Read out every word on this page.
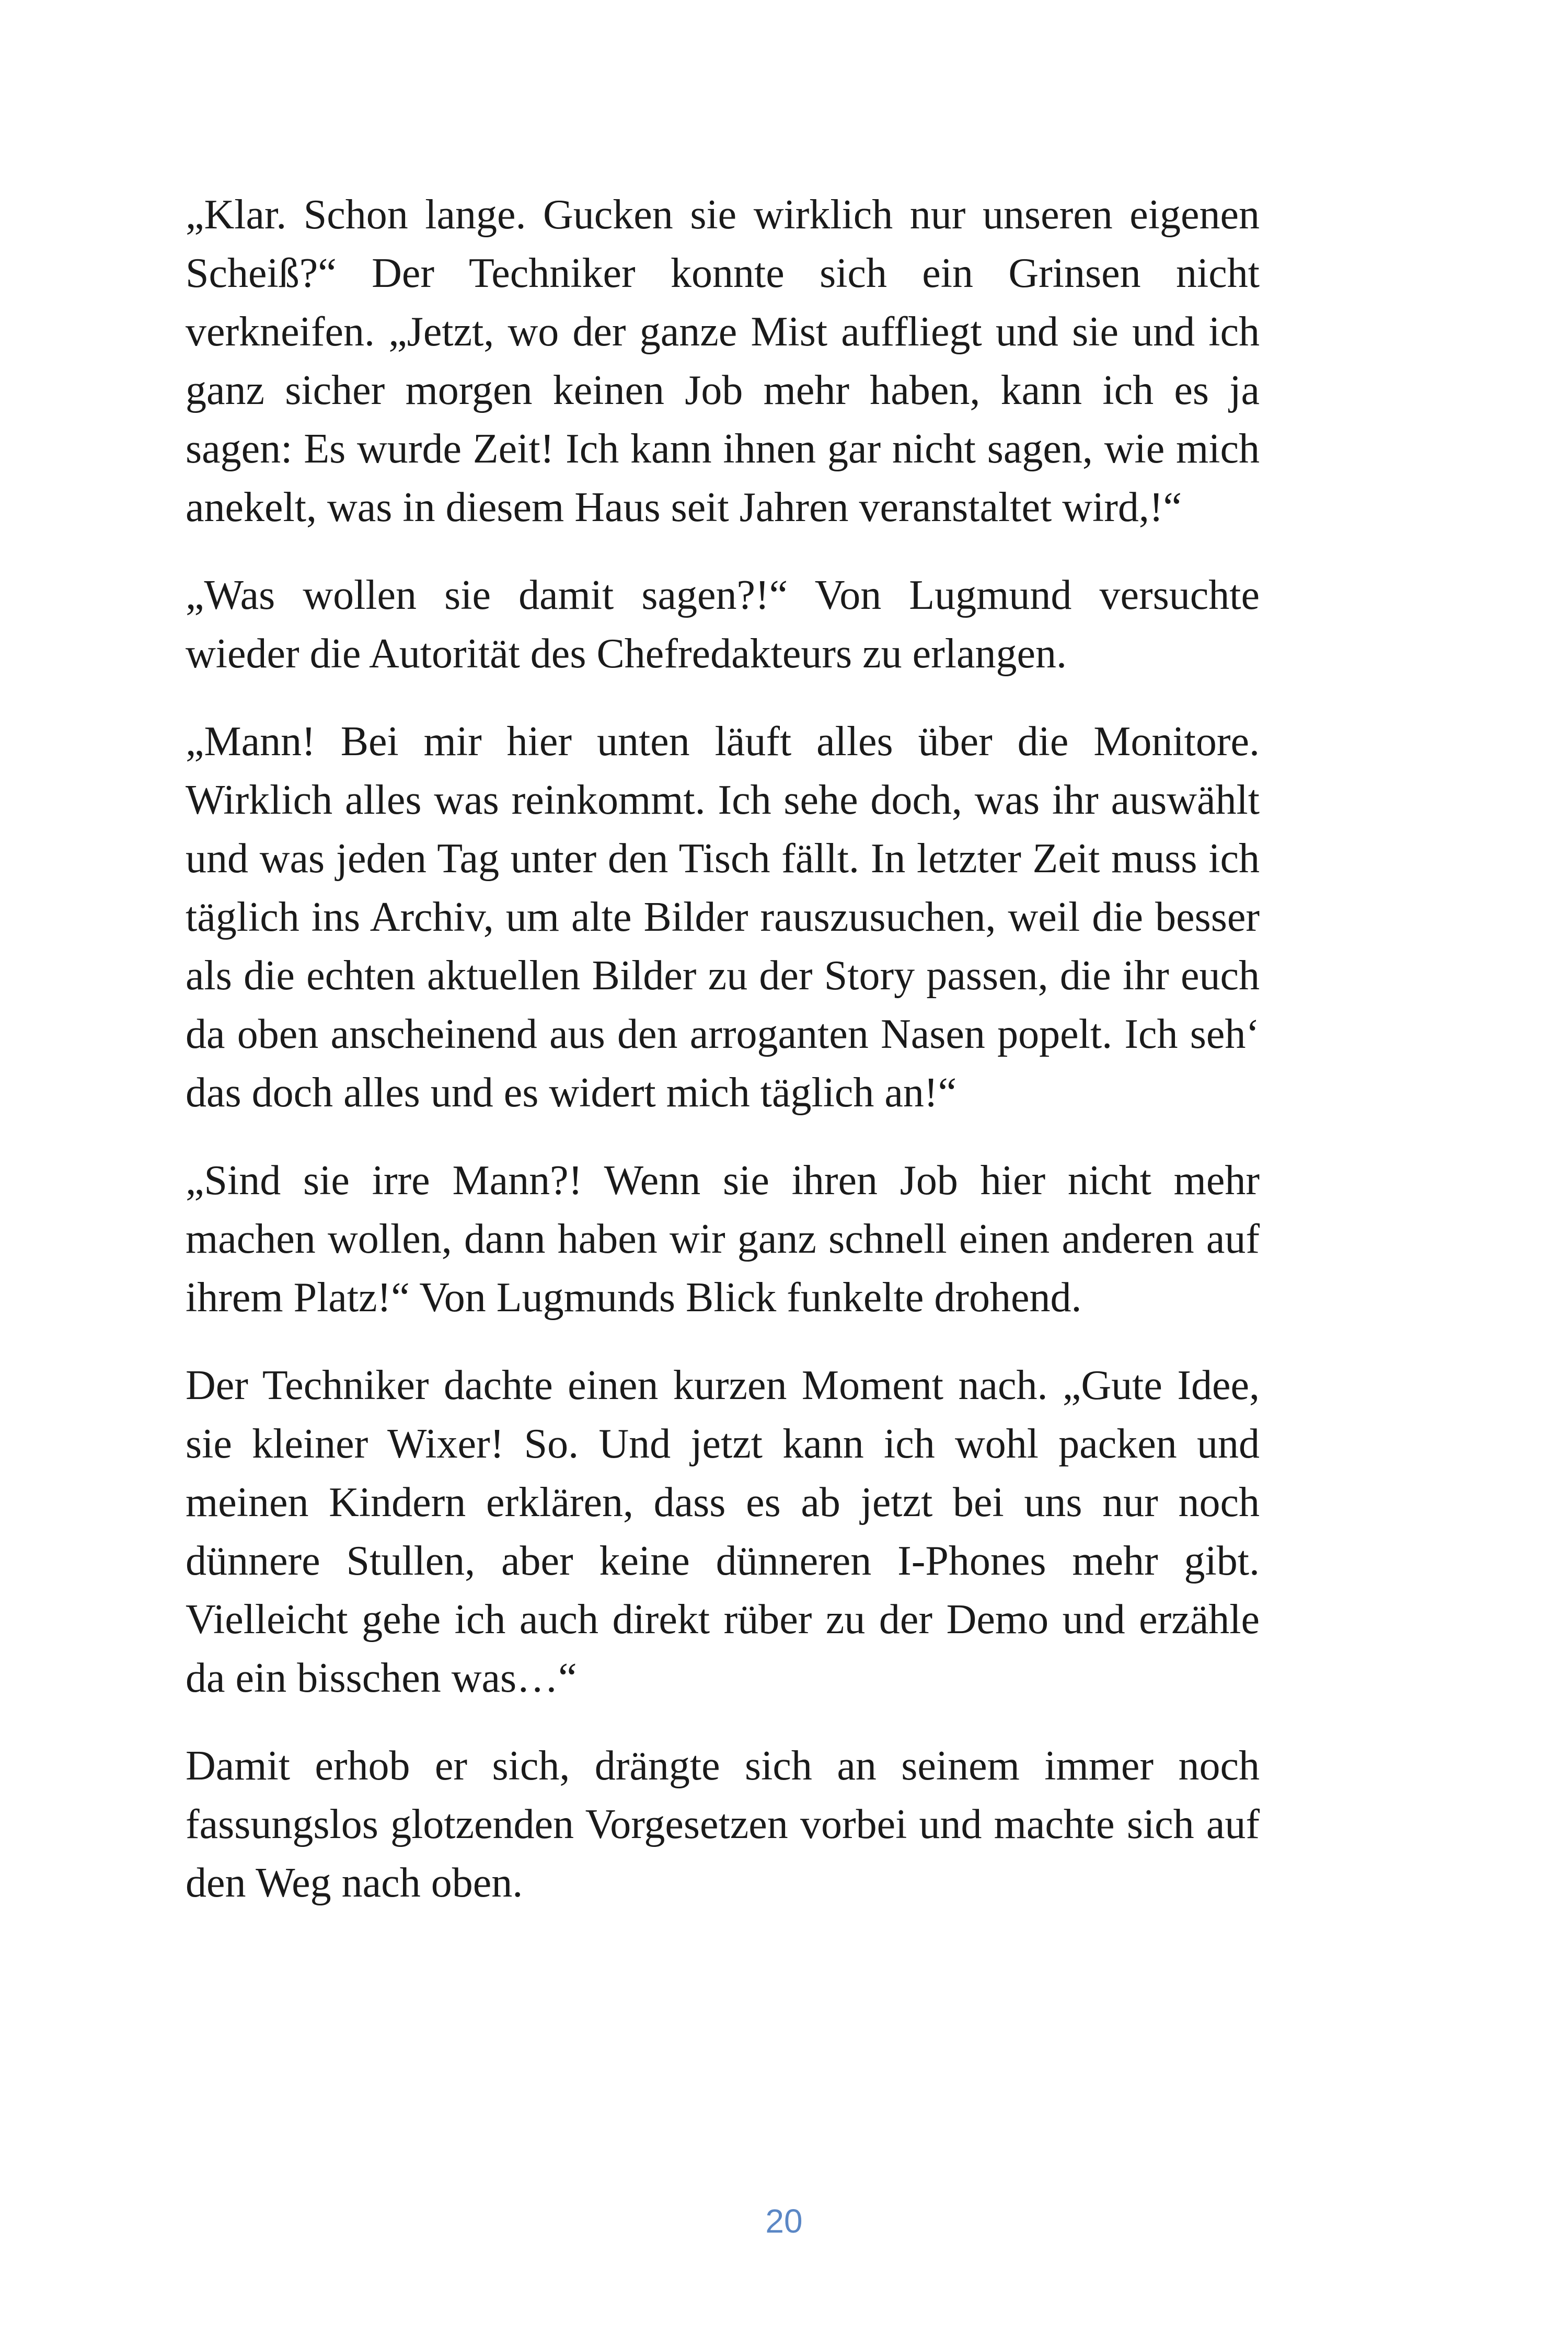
„Klar. Schon lange. Gucken sie wirklich nur unseren eigenen Scheiß?“ Der Techniker konnte sich ein Grinsen nicht verkneifen. „Jetzt, wo der ganze Mist auffliegt und sie und ich ganz sicher morgen keinen Job mehr haben, kann ich es ja sagen: Es wurde Zeit! Ich kann ihnen gar nicht sagen, wie mich anekelt, was in diesem Haus seit Jahren veranstaltet wird,!“

„Was wollen sie damit sagen?!“ Von Lugmund versuchte wieder die Autorität des Chefredakteurs zu erlangen.

„Mann! Bei mir hier unten läuft alles über die Monitore. Wirklich alles was reinkommt. Ich sehe doch, was ihr auswählt und was jeden Tag unter den Tisch fällt. In letzter Zeit muss ich täglich ins Archiv, um alte Bilder rauszusuchen, weil die besser als die echten aktuellen Bilder zu der Story passen, die ihr euch da oben anscheinend aus den arroganten Nasen popelt. Ich seh‘ das doch alles und es widert mich täglich an!“

„Sind sie irre Mann?! Wenn sie ihren Job hier nicht mehr machen wollen, dann haben wir ganz schnell einen anderen auf ihrem Platz!“ Von Lugmunds Blick funkelte drohend.

Der Techniker dachte einen kurzen Moment nach. „Gute Idee, sie kleiner Wixer! So. Und jetzt kann ich wohl packen und meinen Kindern erklären, dass es ab jetzt bei uns nur noch dünnere Stullen, aber keine dünneren I-Phones mehr gibt. Vielleicht gehe ich auch direkt rüber zu der Demo und erzähle da ein bisschen was…“

Damit erhob er sich, drängte sich an seinem immer noch fassungslos glotzenden Vorgesetzen vorbei und machte sich auf den Weg nach oben.

20
